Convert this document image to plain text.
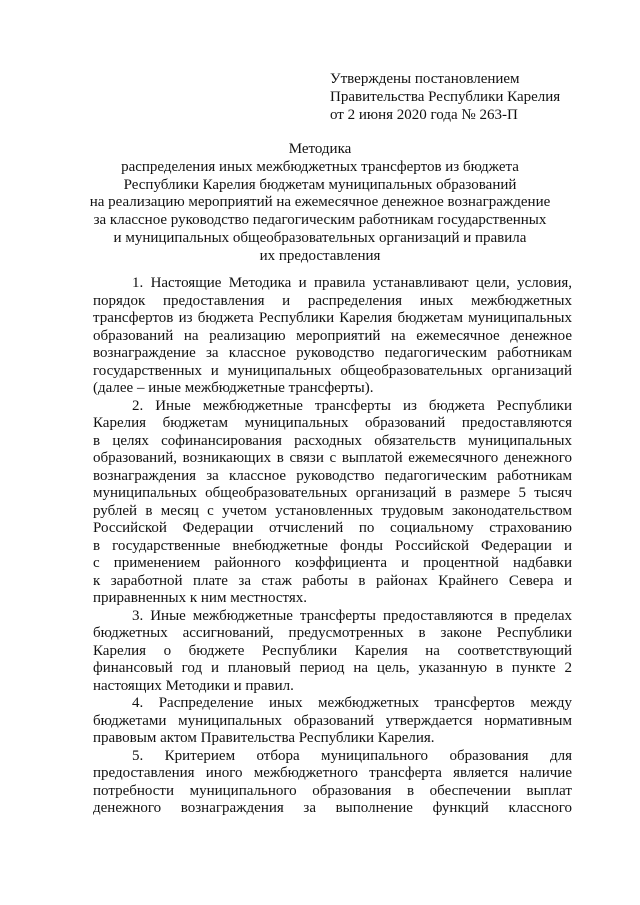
Утверждены постановлением
Правительства Республики Карелия
от 2 июня 2020 года № 263-П
Методика
распределения иных межбюджетных трансфертов из бюджета
Республики Карелия бюджетам муниципальных образований
на реализацию мероприятий на ежемесячное денежное вознаграждение
за классное руководство педагогическим работникам государственных
и муниципальных общеобразовательных организаций и правила
их предоставления
1. Настоящие Методика и правила устанавливают цели, условия,
порядок предоставления и распределения иных межбюджетных
трансфертов из бюджета Республики Карелия бюджетам муниципальных
образований на реализацию мероприятий на ежемесячное денежное
вознаграждение за классное руководство педагогическим работникам
государственных и муниципальных общеобразовательных организаций
(далее – иные межбюджетные трансферты).
2. Иные межбюджетные трансферты из бюджета Республики
Карелия бюджетам муниципальных образований предоставляются
в целях софинансирования расходных обязательств муниципальных
образований, возникающих в связи с выплатой ежемесячного денежного
вознаграждения за классное руководство педагогическим работникам
муниципальных общеобразовательных организаций в размере 5 тысяч
рублей в месяц с учетом установленных трудовым законодательством
Российской Федерации отчислений по социальному страхованию
в государственные внебюджетные фонды Российской Федерации и
с применением районного коэффициента и процентной надбавки
к заработной плате за стаж работы в районах Крайнего Севера и
приравненных к ним местностях.
3. Иные межбюджетные трансферты предоставляются в пределах
бюджетных ассигнований, предусмотренных в законе Республики
Карелия о бюджете Республики Карелия на соответствующий
финансовый год и плановый период на цель, указанную в пункте 2
настоящих Методики и правил.
4. Распределение иных межбюджетных трансфертов между
бюджетами муниципальных образований утверждается нормативным
правовым актом Правительства Республики Карелия.
5. Критерием отбора муниципального образования для
предоставления иного межбюджетного трансферта является наличие
потребности муниципального образования в обеспечении выплат
денежного вознаграждения за выполнение функций классного
